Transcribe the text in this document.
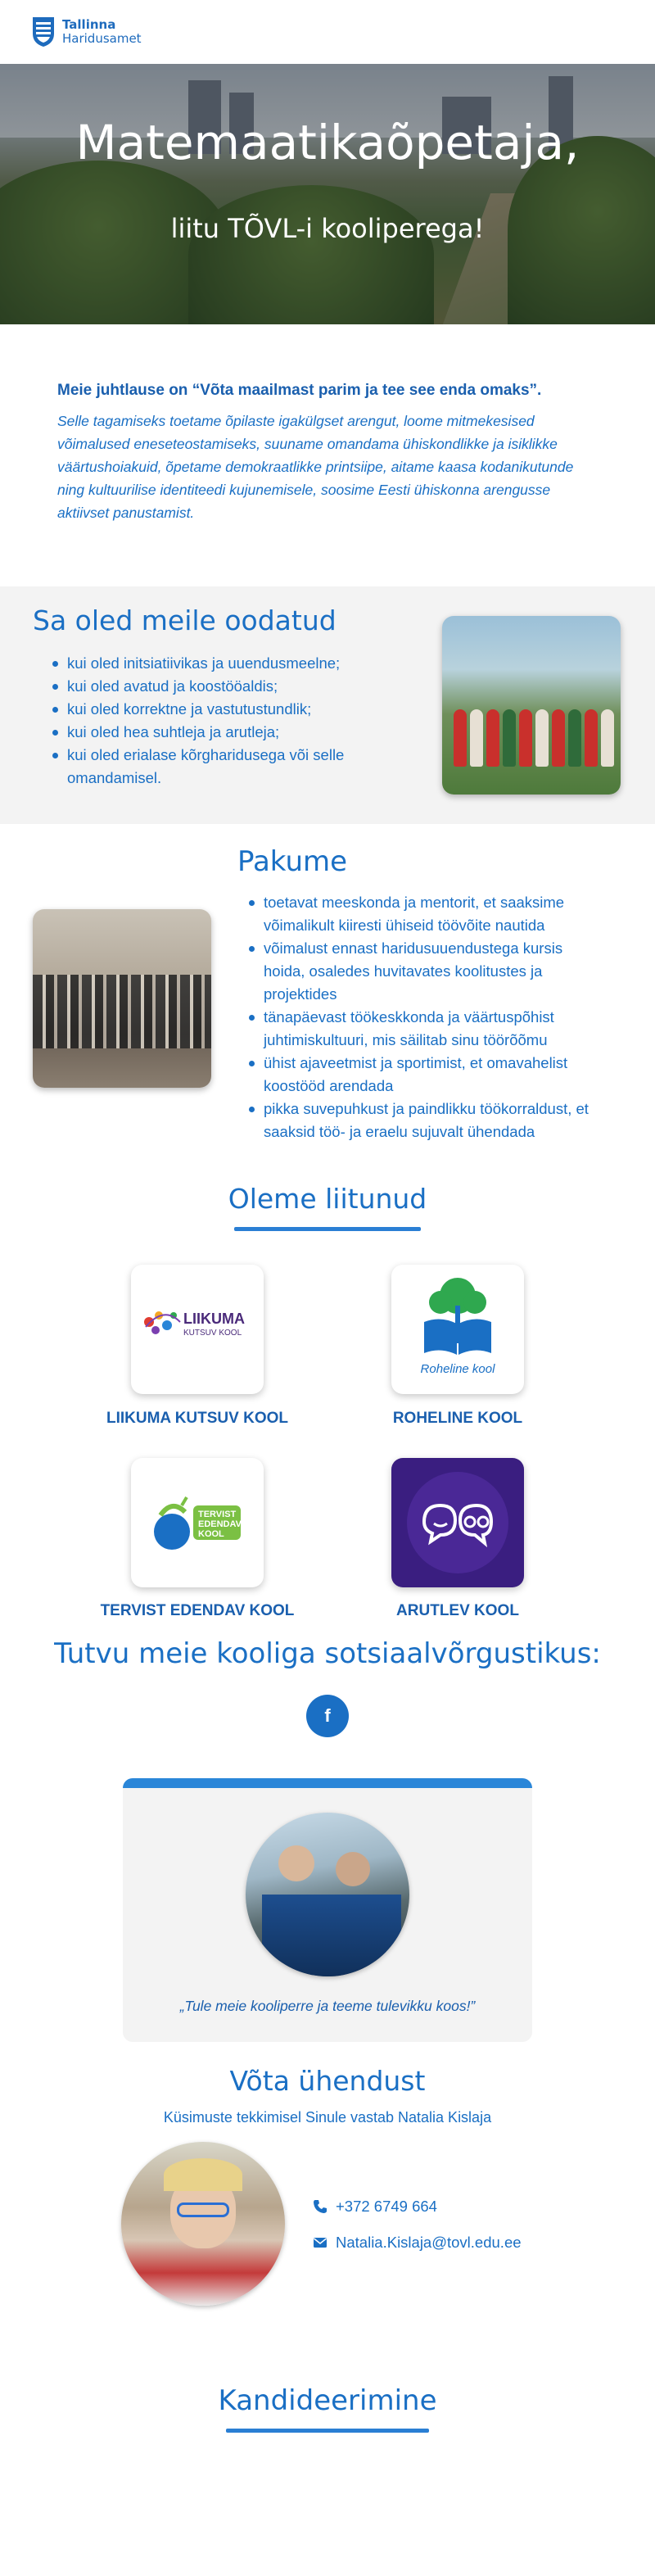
Tallinna
Haridusamet
Matemaatikaõpetaja,
liitu TÕVL-i kooliperega!

Meie juhtlause on “Võta maailmast parim ja tee see enda omaks”.

Selle tagamiseks toetame õpilaste igakülgset arengut, loome mitmekesised võimalused eneseteostamiseks, suuname omandama ühiskondlikke ja isiklikke väärtushoiakuid, õpetame demokraatlikke printsiipe, aitame kaasa kodanikutunde ning kultuurilise identiteedi kujunemisele, soosime Eesti ühiskonna arengusse aktiivset panustamist.

Sa oled meile oodatud
kui oled initsiatiivikas ja uuendusmeelne;
kui oled avatud ja koostööaldis;
kui oled korrektne ja vastutustundlik;
kui oled hea suhtleja ja arutleja;
kui oled erialase kõrgharidusega või selle omandamisel.
Pakume
toetavat meeskonda ja mentorit, et saaksime võimalikult kiiresti ühiseid töövõite nautida
võimalust ennast haridusuuendustega kursis hoida, osaledes huvitavates koolitustes ja projektides
tänapäevast töökeskkonda ja väärtuspõhist juhtimiskultuuri, mis säilitab sinu töörõõmu
ühist ajaveetmist ja sportimist, et omavahelist koostööd arendada
pikka suvepuhkust ja paindlikku töökorraldust, et saaksid töö- ja eraelu sujuvalt ühendada
Oleme liitunud
LIIKUMA
KUTSUV KOOL
LIIKUMA KUTSUV KOOL
Roheline kool
ROHELINE KOOL
TERVIST
EDENDAV
KOOL
TERVIST EDENDAV KOOL	ARUTLEV KOOL
Tutvu meie kooliga sotsiaalvõrgustikus:
f
„Tule meie kooliperre ja teeme tulevikku koos!”
Võta ühendust
Küsimuste tekkimisel Sinule vastab Natalia Kislaja
+372 6749 664
Natalia.Kislaja@tovl.edu.ee
Kandideerimine
